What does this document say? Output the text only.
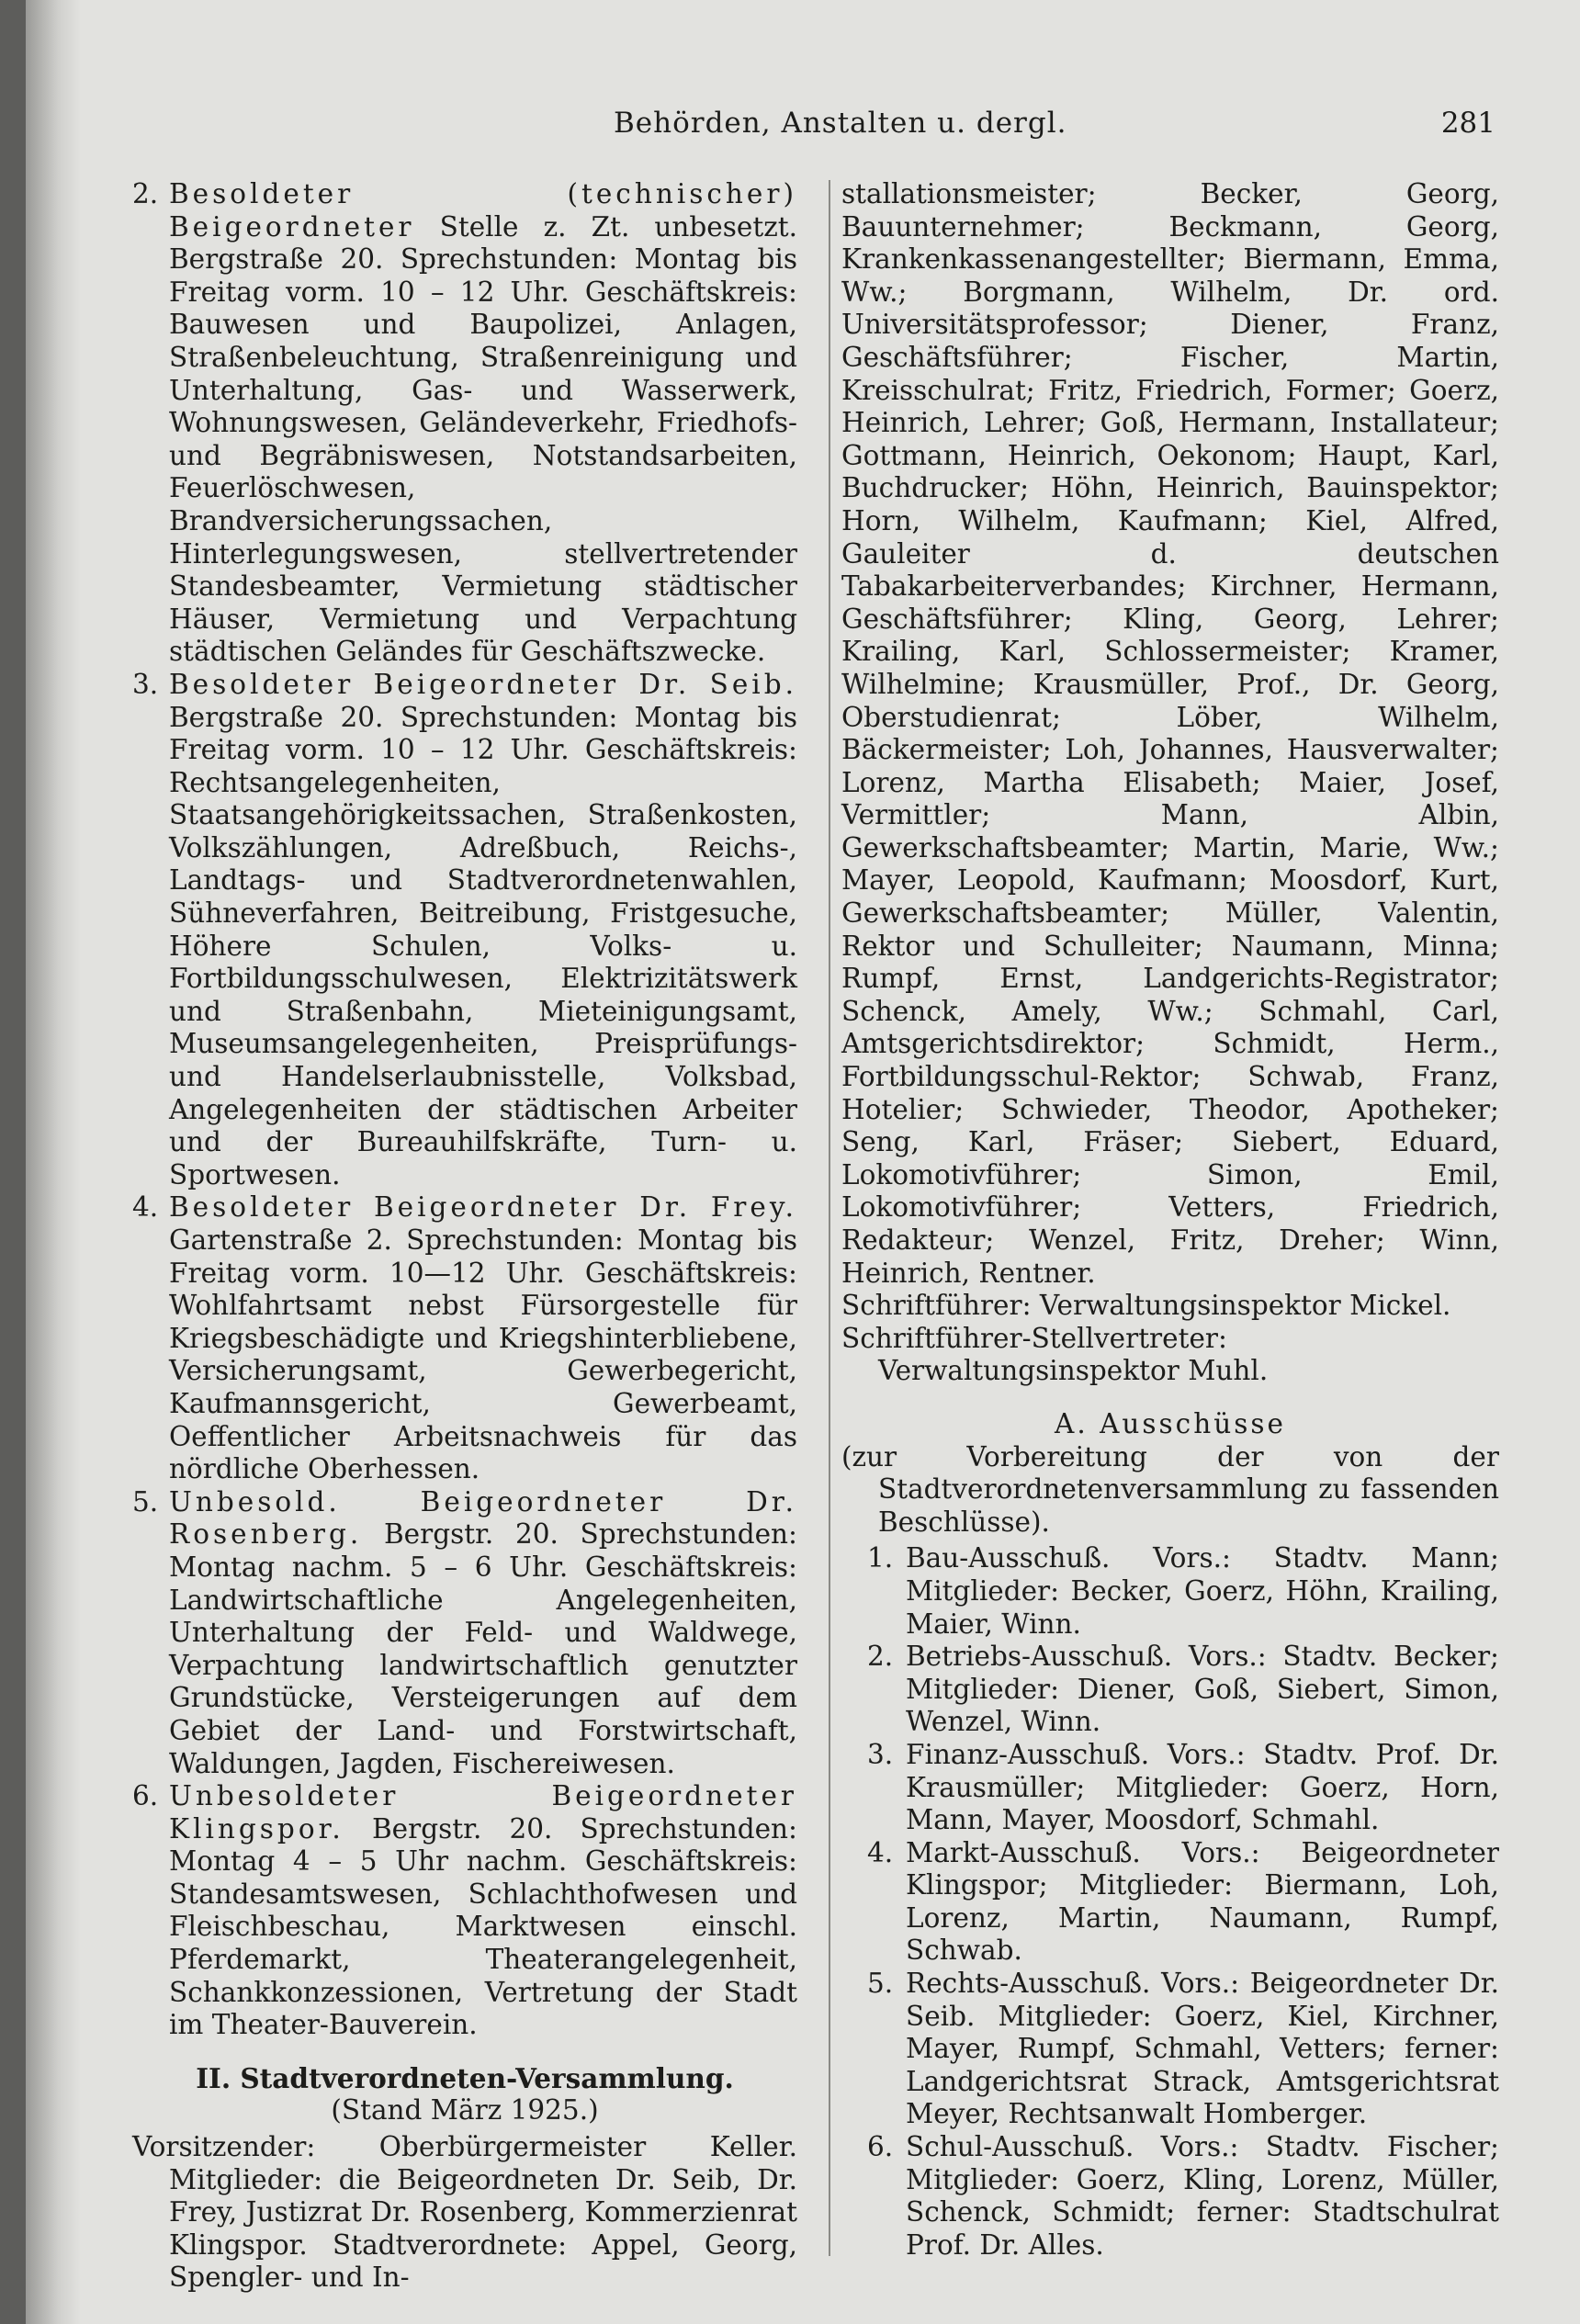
Behörden, Anstalten u. dergl.	281

2. Besoldeter (technischer) Beigeordneter Stelle z. Zt. unbesetzt. Bergstraße 20. Sprechstunden: Montag bis Freitag vorm. 10 – 12 Uhr. Geschäftskreis: Bauwesen und Baupolizei, Anlagen, Straßenbeleuchtung, Straßenreinigung und Unterhaltung, Gas- und Wasserwerk, Wohnungswesen, Geländeverkehr, Friedhofs- und Begräbniswesen, Notstandsarbeiten, Feuerlöschwesen, Brandversicherungssachen, Hinterlegungswesen, stellvertretender Standesbeamter, Vermietung städtischer Häuser, Vermietung und Verpachtung städtischen Geländes für Geschäftszwecke.

3. Besoldeter Beigeordneter Dr. Seib. Bergstraße 20. Sprechstunden: Montag bis Freitag vorm. 10 – 12 Uhr. Geschäftskreis: Rechtsangelegenheiten, Staatsangehörigkeitssachen, Straßenkosten, Volkszählungen, Adreßbuch, Reichs-, Landtags- und Stadtverordnetenwahlen, Sühneverfahren, Beitreibung, Fristgesuche, Höhere Schulen, Volks- u. Fortbildungsschulwesen, Elektrizitätswerk und Straßenbahn, Mieteinigungsamt, Museumsangelegenheiten, Preisprüfungs- und Handelserlaubnisstelle, Volksbad, Angelegenheiten der städtischen Arbeiter und der Bureauhilfskräfte, Turn- u. Sportwesen.

4. Besoldeter Beigeordneter Dr. Frey. Gartenstraße 2. Sprechstunden: Montag bis Freitag vorm. 10—12 Uhr. Geschäftskreis: Wohlfahrtsamt nebst Fürsorgestelle für Kriegsbeschädigte und Kriegshinterbliebene, Versicherungsamt, Gewerbegericht, Kaufmannsgericht, Gewerbeamt, Oeffentlicher Arbeitsnachweis für das nördliche Oberhessen.

5. Unbesold. Beigeordneter Dr. Rosenberg. Bergstr. 20. Sprechstunden: Montag nachm. 5 – 6 Uhr. Geschäftskreis: Landwirtschaftliche Angelegenheiten, Unterhaltung der Feld- und Waldwege, Verpachtung landwirtschaftlich genutzter Grundstücke, Versteigerungen auf dem Gebiet der Land- und Forstwirtschaft, Waldungen, Jagden, Fischereiwesen.

6. Unbesoldeter Beigeordneter Klingspor. Bergstr. 20. Sprechstunden: Montag 4 – 5 Uhr nachm. Geschäftskreis: Standesamtswesen, Schlachthofwesen und Fleischbeschau, Marktwesen einschl. Pferdemarkt, Theaterangelegenheit, Schankkonzessionen, Vertretung der Stadt im Theater-Bauverein.

II. Stadtverordneten-Versammlung.

(Stand März 1925.)

Vorsitzender: Oberbürgermeister Keller. Mitglieder: die Beigeordneten Dr. Seib, Dr. Frey, Justizrat Dr. Rosenberg, Kommerzienrat Klingspor. Stadtverordnete: Appel, Georg, Spengler- und In-

stallationsmeister; Becker, Georg, Bauunternehmer; Beckmann, Georg, Krankenkassenangestellter; Biermann, Emma, Ww.; Borgmann, Wilhelm, Dr. ord. Universitätsprofessor; Diener, Franz, Geschäftsführer; Fischer, Martin, Kreisschulrat; Fritz, Friedrich, Former; Goerz, Heinrich, Lehrer; Goß, Hermann, Installateur; Gottmann, Heinrich, Oekonom; Haupt, Karl, Buchdrucker; Höhn, Heinrich, Bauinspektor; Horn, Wilhelm, Kaufmann; Kiel, Alfred, Gauleiter d. deutschen Tabakarbeiterverbandes; Kirchner, Hermann, Geschäftsführer; Kling, Georg, Lehrer; Krailing, Karl, Schlossermeister; Kramer, Wilhelmine; Krausmüller, Prof., Dr. Georg, Oberstudienrat; Löber, Wilhelm, Bäckermeister; Loh, Johannes, Hausverwalter; Lorenz, Martha Elisabeth; Maier, Josef, Vermittler; Mann, Albin, Gewerkschaftsbeamter; Martin, Marie, Ww.; Mayer, Leopold, Kaufmann; Moosdorf, Kurt, Gewerkschaftsbeamter; Müller, Valentin, Rektor und Schulleiter; Naumann, Minna; Rumpf, Ernst, Landgerichts-Registrator; Schenck, Amely, Ww.; Schmahl, Carl, Amtsgerichtsdirektor; Schmidt, Herm., Fortbildungsschul-Rektor; Schwab, Franz, Hotelier; Schwieder, Theodor, Apotheker; Seng, Karl, Fräser; Siebert, Eduard, Lokomotivführer; Simon, Emil, Lokomotivführer; Vetters, Friedrich, Redakteur; Wenzel, Fritz, Dreher; Winn, Heinrich, Rentner.

Schriftführer: Verwaltungsinspektor Mickel.

Schriftführer-Stellvertreter: Verwaltungsinspektor Muhl.

A. Ausschüsse

(zur Vorbereitung der von der Stadtverordnetenversammlung zu fassenden Beschlüsse).

1. Bau-Ausschuß. Vors.: Stadtv. Mann; Mitglieder: Becker, Goerz, Höhn, Krailing, Maier, Winn.

2. Betriebs-Ausschuß. Vors.: Stadtv. Becker; Mitglieder: Diener, Goß, Siebert, Simon, Wenzel, Winn.

3. Finanz-Ausschuß. Vors.: Stadtv. Prof. Dr. Krausmüller; Mitglieder: Goerz, Horn, Mann, Mayer, Moosdorf, Schmahl.

4. Markt-Ausschuß. Vors.: Beigeordneter Klingspor; Mitglieder: Biermann, Loh, Lorenz, Martin, Naumann, Rumpf, Schwab.

5. Rechts-Ausschuß. Vors.: Beigeordneter Dr. Seib. Mitglieder: Goerz, Kiel, Kirchner, Mayer, Rumpf, Schmahl, Vetters; ferner: Landgerichtsrat Strack, Amtsgerichtsrat Meyer, Rechtsanwalt Homberger.

6. Schul-Ausschuß. Vors.: Stadtv. Fischer; Mitglieder: Goerz, Kling, Lorenz, Müller, Schenck, Schmidt; ferner: Stadtschulrat Prof. Dr. Alles.
